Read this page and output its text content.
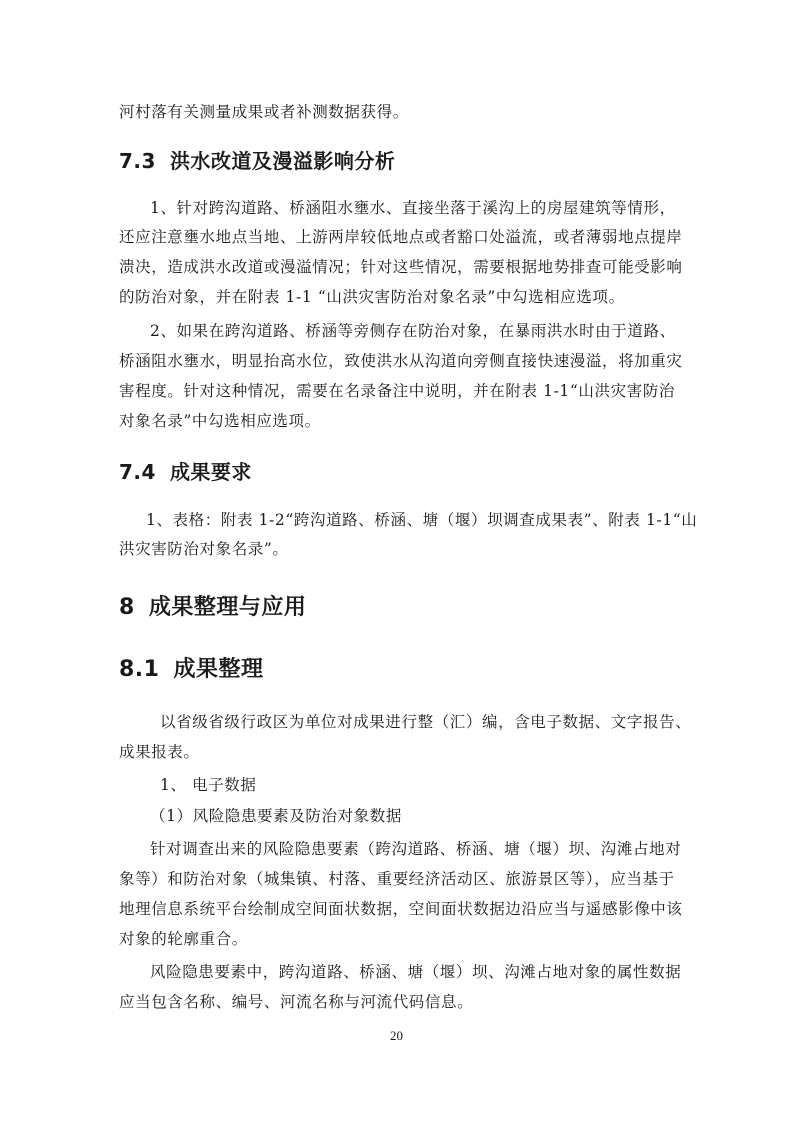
河村落有关测量成果或者补测数据获得。
7.3 洪水改道及漫溢影响分析
1、针对跨沟道路、桥涵阻水壅水、直接坐落于溪沟上的房屋建筑等情形，
还应注意壅水地点当地、上游两岸较低地点或者豁口处溢流，或者薄弱地点提岸
溃决，造成洪水改道或漫溢情况；针对这些情况，需要根据地势排查可能受影响
的防治对象，并在附表 1-1 “山洪灾害防治对象名录”中勾选相应选项。
2、如果在跨沟道路、桥涵等旁侧存在防治对象，在暴雨洪水时由于道路、
桥涵阻水壅水，明显抬高水位，致使洪水从沟道向旁侧直接快速漫溢，将加重灾
害程度。针对这种情况，需要在名录备注中说明，并在附表 1-1“山洪灾害防治
对象名录”中勾选相应选项。
7.4 成果要求
1、表格：附表 1-2“跨沟道路、桥涵、塘（堰）坝调查成果表”、附表 1-1“山
洪灾害防治对象名录”。
8 成果整理与应用
8.1 成果整理
以省级省级行政区为单位对成果进行整（汇）编，含电子数据、文字报告、
成果报表。
1、 电子数据
（1）风险隐患要素及防治对象数据
针对调查出来的风险隐患要素（跨沟道路、桥涵、塘（堰）坝、沟滩占地对
象等）和防治对象（城集镇、村落、重要经济活动区、旅游景区等），应当基于
地理信息系统平台绘制成空间面状数据，空间面状数据边沿应当与遥感影像中该
对象的轮廓重合。
风险隐患要素中，跨沟道路、桥涵、塘（堰）坝、沟滩占地对象的属性数据
应当包含名称、编号、河流名称与河流代码信息。
20
